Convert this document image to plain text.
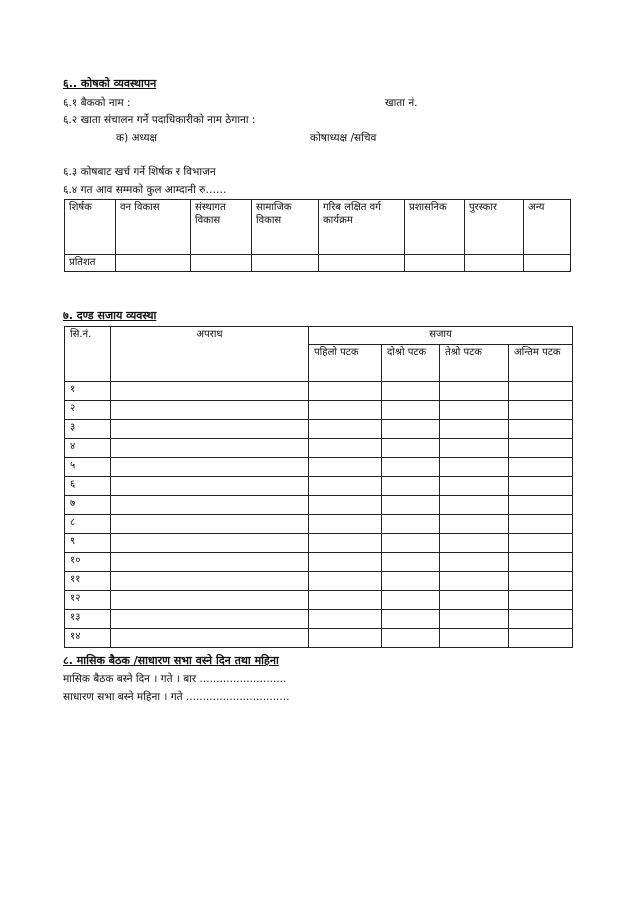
६.. कोषको व्यवस्थापन
६.१ बैकको नाम :	खाता नं.
६.२ खाता संचालन गर्ने पदाधिकारीको नाम ठेगाना :
क) अध्यक्ष	कोषाध्यक्ष /सचिव
६.३ कोषबाट खर्च गर्ने शिर्षक र विभाजन
६.४ गत आव सम्मको कुल आम्दानी रु……
शिर्षक	वन विकास	संस्थागत विकास	सामाजिक विकास	गरिब लक्षित वर्ग कार्यक्रम	प्रशासनिक	पुरस्कार	अन्य
प्रतिशत							
७. दण्ड सजाय व्यवस्था
सि.नं.	अपराध	सजाय			
		पहिलो पटक	दोश्रो पटक	तेश्रो पटक	अन्तिम पटक
१					
२					
३					
४					
५					
६					
७					
८					
९					
१०					
११					
१२					
१३					
१४					
८. मासिक बैठक /साधारण सभा वस्ने दिन तथा महिना
मासिक बैठक बस्ने दिन । गते । बार ..........................
साधारण सभा बस्ने महिना । गते ...............................
